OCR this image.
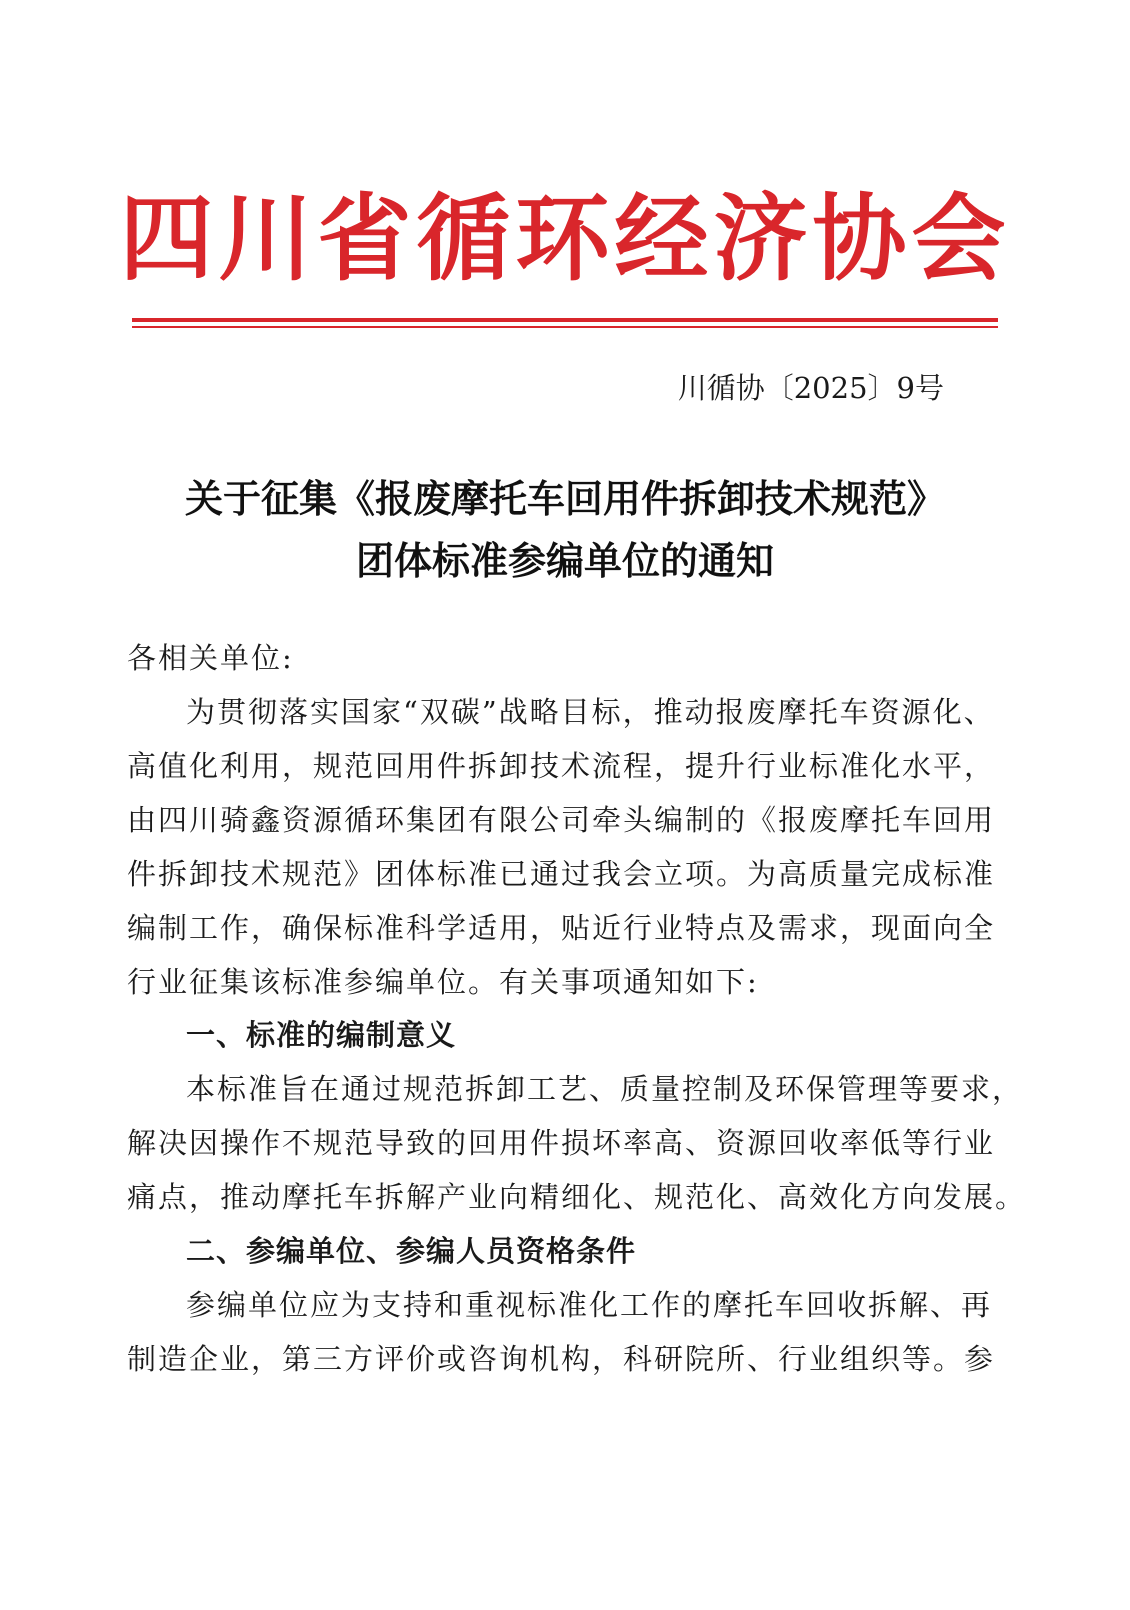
四川省循环经济协会
川循协〔2025〕9号
关于征集《报废摩托车回用件拆卸技术规范》
团体标准参编单位的通知
各相关单位:
为贯彻落实国家“双碳”战略目标，推动报废摩托车资源化、
高值化利用，规范回用件拆卸技术流程，提升行业标准化水平，
由四川骑鑫资源循环集团有限公司牵头编制的《报废摩托车回用
件拆卸技术规范》团体标准已通过我会立项。为高质量完成标准
编制工作，确保标准科学适用，贴近行业特点及需求，现面向全
行业征集该标准参编单位。有关事项通知如下:
一、标准的编制意义
本标准旨在通过规范拆卸工艺、质量控制及环保管理等要求，
解决因操作不规范导致的回用件损坏率高、资源回收率低等行业
痛点，推动摩托车拆解产业向精细化、规范化、高效化方向发展。
二、参编单位、参编人员资格条件
参编单位应为支持和重视标准化工作的摩托车回收拆解、再
制造企业，第三方评价或咨询机构，科研院所、行业组织等。参
